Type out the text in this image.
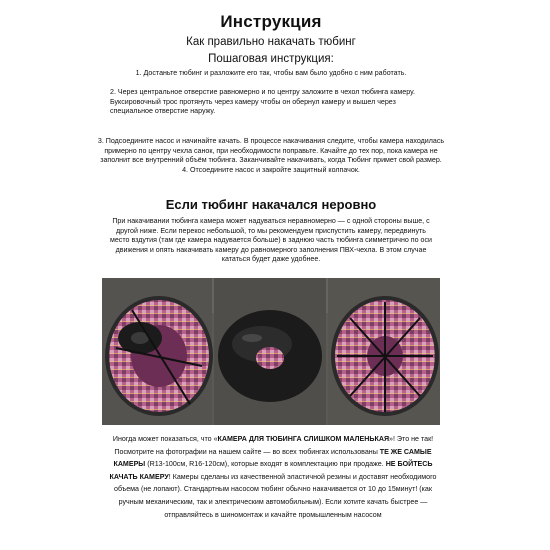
Инструкция
Как правильно накачать тюбинг
Пошаговая инструкция:
1. Достаньте тюбинг и разложите его так, чтобы вам было удобно с ним работать.
2. Через центральное отверстие равномерно и по центру заложите в чехол тюбинга камеру. Буксировочный трос протянуть через камеру чтобы он обернул камеру и вышел через специальное отверстие наружу.
3. Подсоедините насос и начинайте качать. В процессе накачивания следите, чтобы камера находилась примерно по центру чехла санок, при необходимости поправьте. Качайте до тех пор, пока камера не заполнит все внутренний объём тюбинга. Заканчивайте накачивать, когда Тюбинг примет свой размер.
4. Отсоедините насос и закройте защитный колпачок.
Если тюбинг накачался неровно
При накачивании тюбинга камера может надуваться неравномерно — с одной стороны выше, с другой ниже. Если перекос небольшой, то мы рекомендуем приспустить камеру, передвинуть место вздутия (там где камера надувается больше) в заднюю часть тюбинга симметрично по оси движения и опять накачивать камеру до равномерного заполнения ПВХ-чехла. В этом случае кататься будет даже удобнее.
Иногда может показаться, что «КАМЕРА ДЛЯ ТЮБИНГА СЛИШКОМ МАЛЕНЬКАЯ»! Это не так! Посмотрите на фотографии на нашем сайте — во всех тюбингах использованы ТЕ ЖЕ САМЫЕ КАМЕРЫ (R13-100см, R16-120см), которые входят в комплектацию при продаже. НЕ БОЙТЕСЬ КАЧАТЬ КАМЕРУ! Камеры сделаны из качественной эластичной резины и доставят необходимого объема (не лопают). Стандартным насосом тюбинг обычно накачивается от 10 до 15минут! (как ручным механическим, так и электрическим автомобильным). Если хотите качать быстрее — отправляйтесь в шиномонтаж и качайте промышленным насосом
